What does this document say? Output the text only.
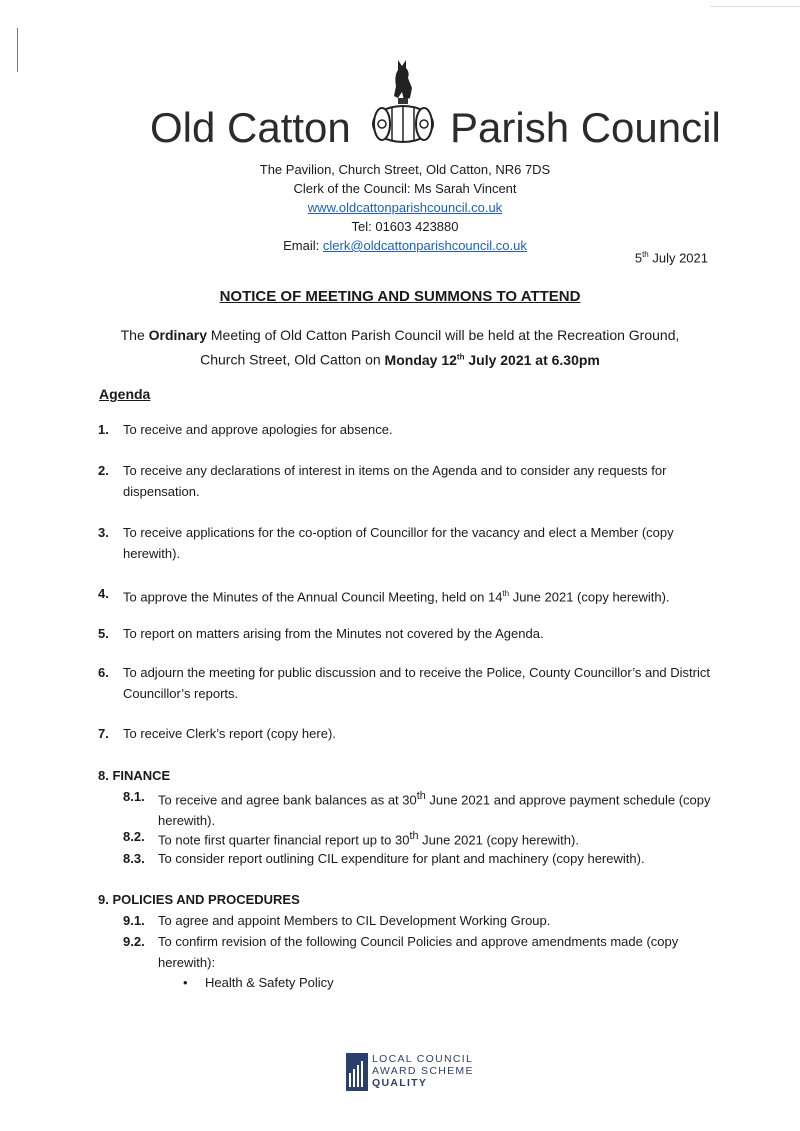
Old Catton Parish Council
The Pavilion, Church Street, Old Catton, NR6 7DS
Clerk of the Council: Ms Sarah Vincent
www.oldcattonparishcouncil.co.uk
Tel: 01603 423880
Email: clerk@oldcattonparishcouncil.co.uk
5th July 2021
NOTICE OF MEETING AND SUMMONS TO ATTEND
The Ordinary Meeting of Old Catton Parish Council will be held at the Recreation Ground,
Church Street, Old Catton on Monday 12th July 2021 at 6.30pm
Agenda
1. To receive and approve apologies for absence.
2. To receive any declarations of interest in items on the Agenda and to consider any requests for dispensation.
3. To receive applications for the co-option of Councillor for the vacancy and elect a Member (copy herewith).
4. To approve the Minutes of the Annual Council Meeting, held on 14th June 2021 (copy herewith).
5. To report on matters arising from the Minutes not covered by the Agenda.
6. To adjourn the meeting for public discussion and to receive the Police, County Councillor’s and District Councillor’s reports.
7. To receive Clerk’s report (copy here).
8. FINANCE
8.1. To receive and agree bank balances as at 30th June 2021 and approve payment schedule (copy herewith).
8.2. To note first quarter financial report up to 30th June 2021 (copy herewith).
8.3. To consider report outlining CIL expenditure for plant and machinery (copy herewith).
9. POLICIES AND PROCEDURES
9.1. To agree and appoint Members to CIL Development Working Group.
9.2. To confirm revision of the following Council Policies and approve amendments made (copy herewith):
• Health & Safety Policy
LOCAL COUNCIL
AWARD SCHEME
QUALITY
